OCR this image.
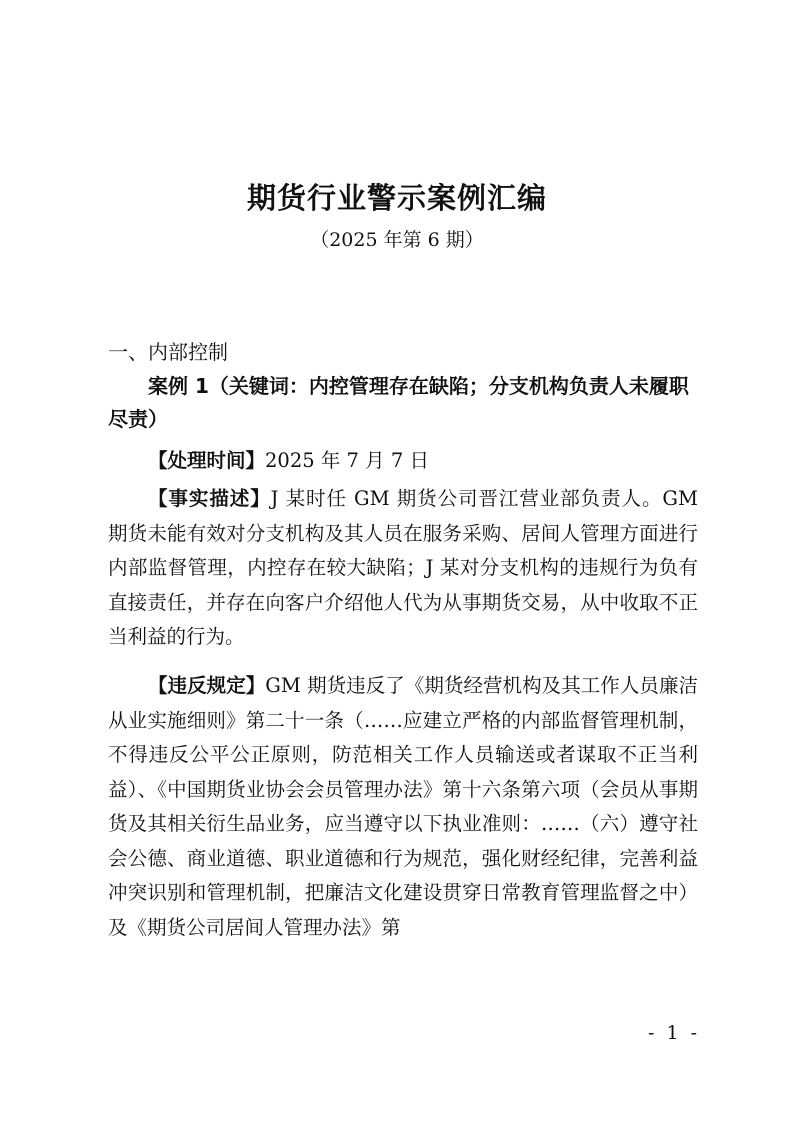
期货行业警示案例汇编
（2025 年第 6 期）
一、内部控制
案例 1（关键词：内控管理存在缺陷；分支机构负责人未履职尽责）
【处理时间】2025 年 7 月 7 日
【事实描述】J 某时任 GM 期货公司晋江营业部负责人。GM 期货未能有效对分支机构及其人员在服务采购、居间人管理方面进行内部监督管理，内控存在较大缺陷；J 某对分支机构的违规行为负有直接责任，并存在向客户介绍他人代为从事期货交易，从中收取不正当利益的行为。
【违反规定】GM 期货违反了《期货经营机构及其工作人员廉洁从业实施细则》第二十一条（……应建立严格的内部监督管理机制，不得违反公平公正原则，防范相关工作人员输送或者谋取不正当利益）、《中国期货业协会会员管理办法》第十六条第六项（会员从事期货及其相关衍生品业务，应当遵守以下执业准则：……（六）遵守社会公德、商业道德、职业道德和行为规范，强化财经纪律，完善利益冲突识别和管理机制，把廉洁文化建设贯穿日常教育管理监督之中）及《期货公司居间人管理办法》第
- 1 -
